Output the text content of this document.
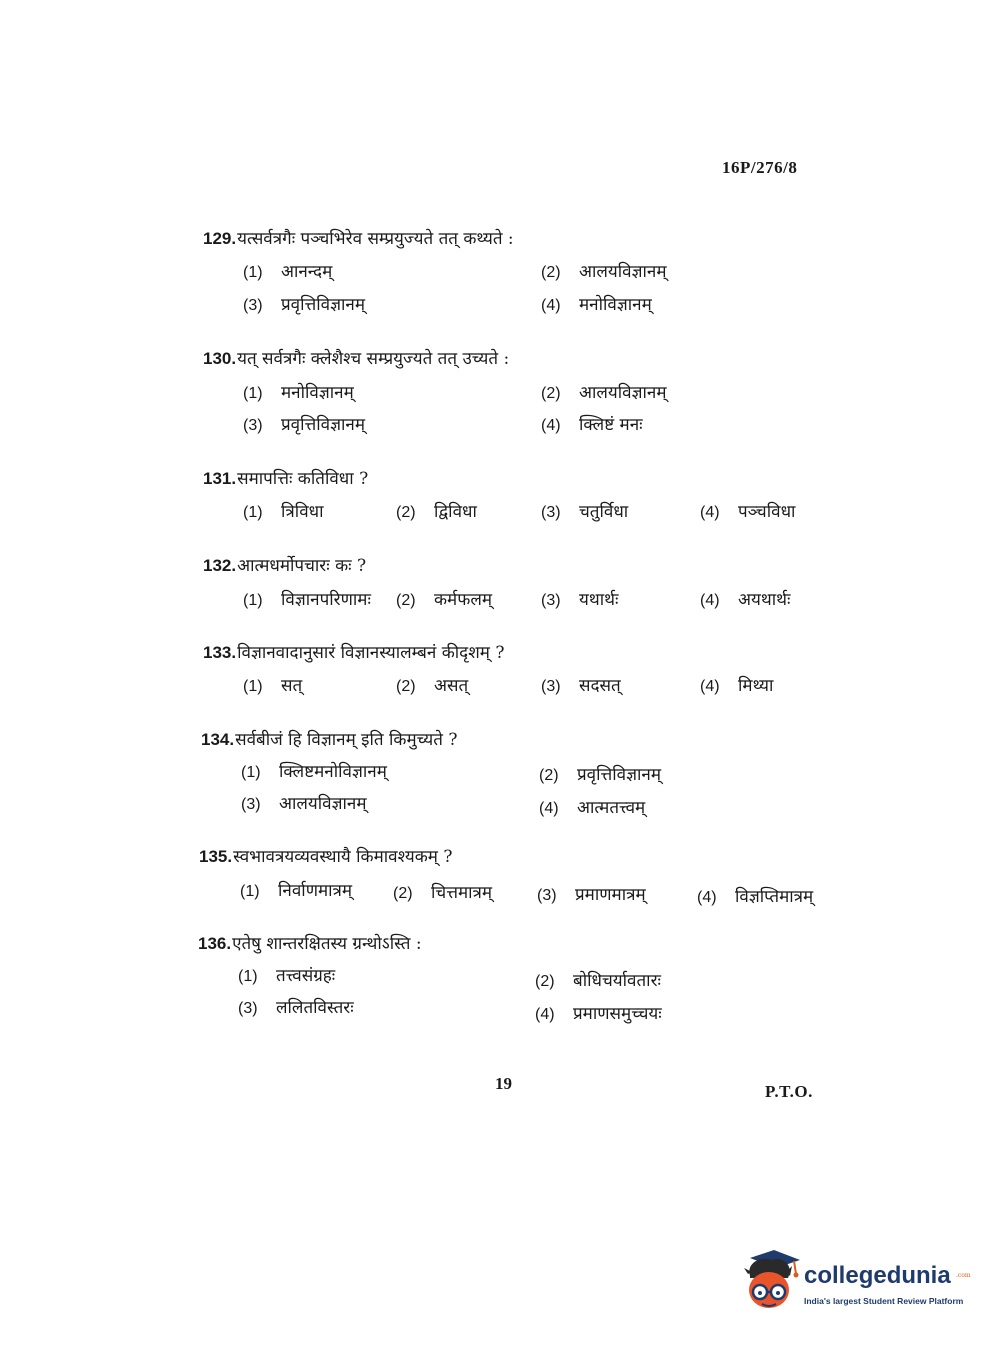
16P/276/8
129.यत्सर्वत्रगैः पञ्चभिरेव सम्प्रयुज्यते तत् कथ्यते :
(1) आनन्दम्	(2) आलयविज्ञानम्
(3) प्रवृत्तिविज्ञानम्	(4) मनोविज्ञानम्
130.यत् सर्वत्रगैः क्लेशैश्च सम्प्रयुज्यते तत् उच्यते :
(1) मनोविज्ञानम्	(2) आलयविज्ञानम्
(3) प्रवृत्तिविज्ञानम्	(4) क्लिष्टं मनः
131.समापत्तिः कतिविधा ?
(1) त्रिविधा	(2) द्विविधा	(3) चतुर्विधा	(4) पञ्चविधा
132.आत्मधर्मोपचारः कः ?
(1) विज्ञानपरिणामः (2) कर्मफलम्	(3) यथार्थः	(4) अयथार्थः
133.विज्ञानवादानुसारं विज्ञानस्यालम्बनं कीदृशम् ?
(1) सत्	(2) असत्	(3) सदसत्	(4) मिथ्या
134.सर्वबीजं हि विज्ञानम् इति किमुच्यते ?
(1) क्लिष्टमनोविज्ञानम्	(2) प्रवृत्तिविज्ञानम्
(3) आलयविज्ञानम्	(4) आत्मतत्त्वम्
135.स्वभावत्रयव्यवस्थायै किमावश्यकम् ?
(1) निर्वाणमात्रम्	(2) चित्तमात्रम्	(3) प्रमाणमात्रम्	(4) विज्ञप्तिमात्रम्
136.एतेषु शान्तरक्षितस्य ग्रन्थोऽस्ति :
(1) तत्त्वसंग्रहः	(2) बोधिचर्यावतारः
(3) ललितविस्तरः	(4) प्रमाणसमुच्चयः
19	P.T.O.
collegedunia .com
India's largest Student Review Platform
